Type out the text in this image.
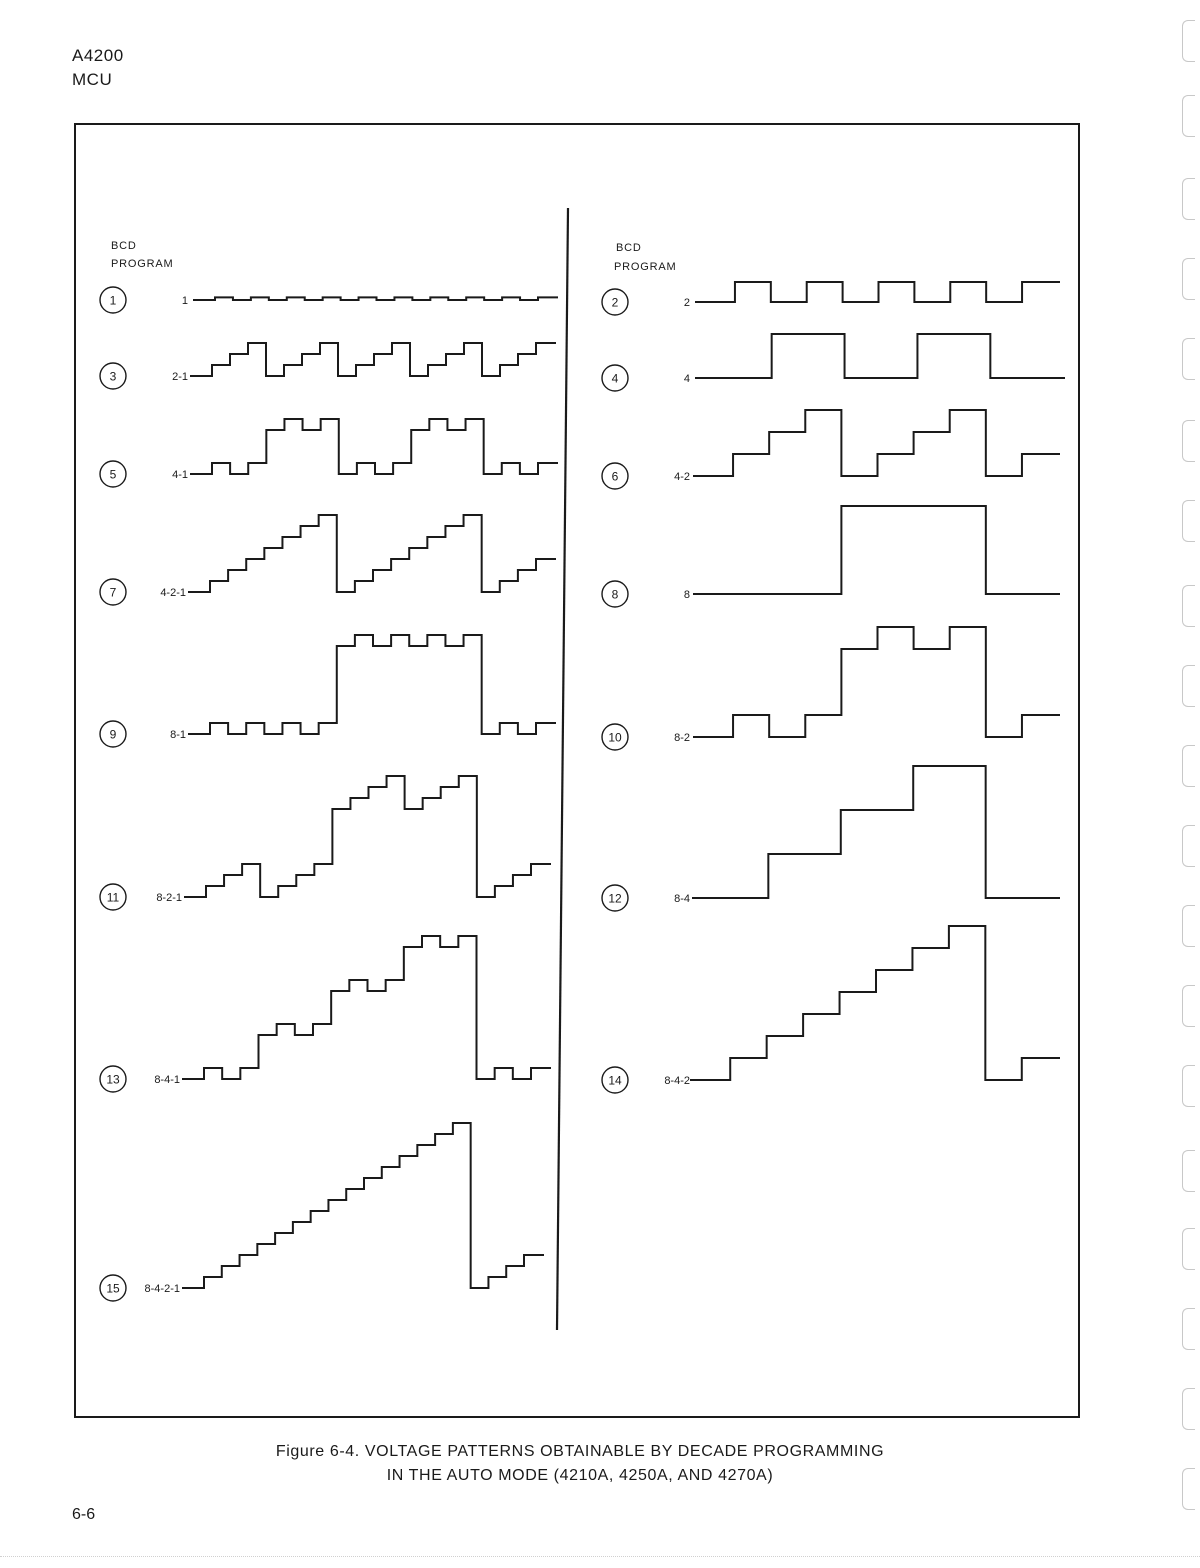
A4200
MCU
BCD
PROGRAM
BCD
PROGRAM
1	1	2	2
3	2-1	4	4
5	4-1	6	4-2
7	4-2-1	8	8
9	8-1	10	8-2
11	8-2-1	12	8-4
13	8-4-1	14	8-4-2
15 8-4-2-1
Figure 6-4. VOLTAGE PATTERNS OBTAINABLE BY DECADE PROGRAMMING
IN THE AUTO MODE (4210A, 4250A, AND 4270A)
6-6
